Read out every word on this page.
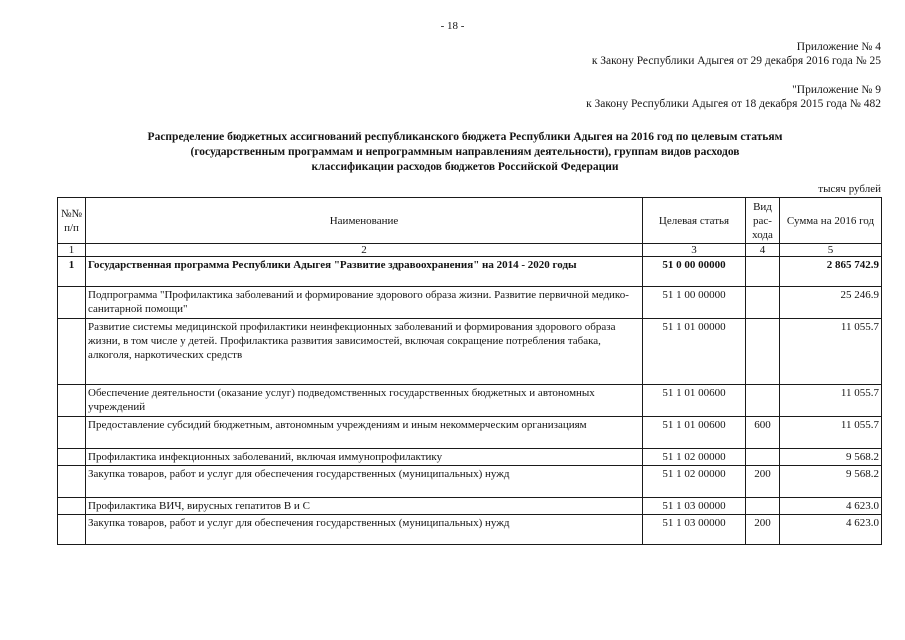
- 18 -
Приложение № 4
к Закону Республики Адыгея от 29 декабря 2016 года № 25
"Приложение № 9
к Закону Республики Адыгея от 18 декабря 2015 года № 482
Распределение бюджетных ассигнований республиканского бюджета Республики Адыгея на 2016 год по целевым статьям
(государственным программам и непрограммным направлениям деятельности), группам видов расходов
классификации расходов бюджетов Российской Федерации
тысяч рублей
№№ п/п	Наименование	Целевая статья	Вид рас-хода	Сумма на 2016 год
1	2	3	4	5
1	Государственная программа Республики Адыгея "Развитие здравоохранения" на 2014 - 2020 годы	51 0 00 00000		2 865 742.9
	Подпрограмма "Профилактика заболеваний и формирование здорового образа жизни. Развитие первичной медико-санитарной помощи"	51 1 00 00000		25 246.9
	Развитие системы медицинской профилактики неинфекционных заболеваний и формирования здорового образа жизни, в том числе у детей. Профилактика развития зависимостей, включая сокращение потребления табака, алкоголя, наркотических средств	51 1 01 00000		11 055.7
	Обеспечение деятельности (оказание услуг) подведомственных государственных бюджетных и автономных учреждений	51 1 01 00600		11 055.7
	Предоставление субсидий бюджетным, автономным учреждениям и иным некоммерческим организациям	51 1 01 00600	600	11 055.7
	Профилактика инфекционных заболеваний, включая иммунопрофилактику	51 1 02 00000		9 568.2
	Закупка товаров, работ и услуг для обеспечения государственных (муниципальных) нужд	51 1 02 00000	200	9 568.2
	Профилактика ВИЧ, вирусных гепатитов В и С	51 1 03 00000		4 623.0
	Закупка товаров, работ и услуг для обеспечения государственных (муниципальных) нужд	51 1 03 00000	200	4 623.0
